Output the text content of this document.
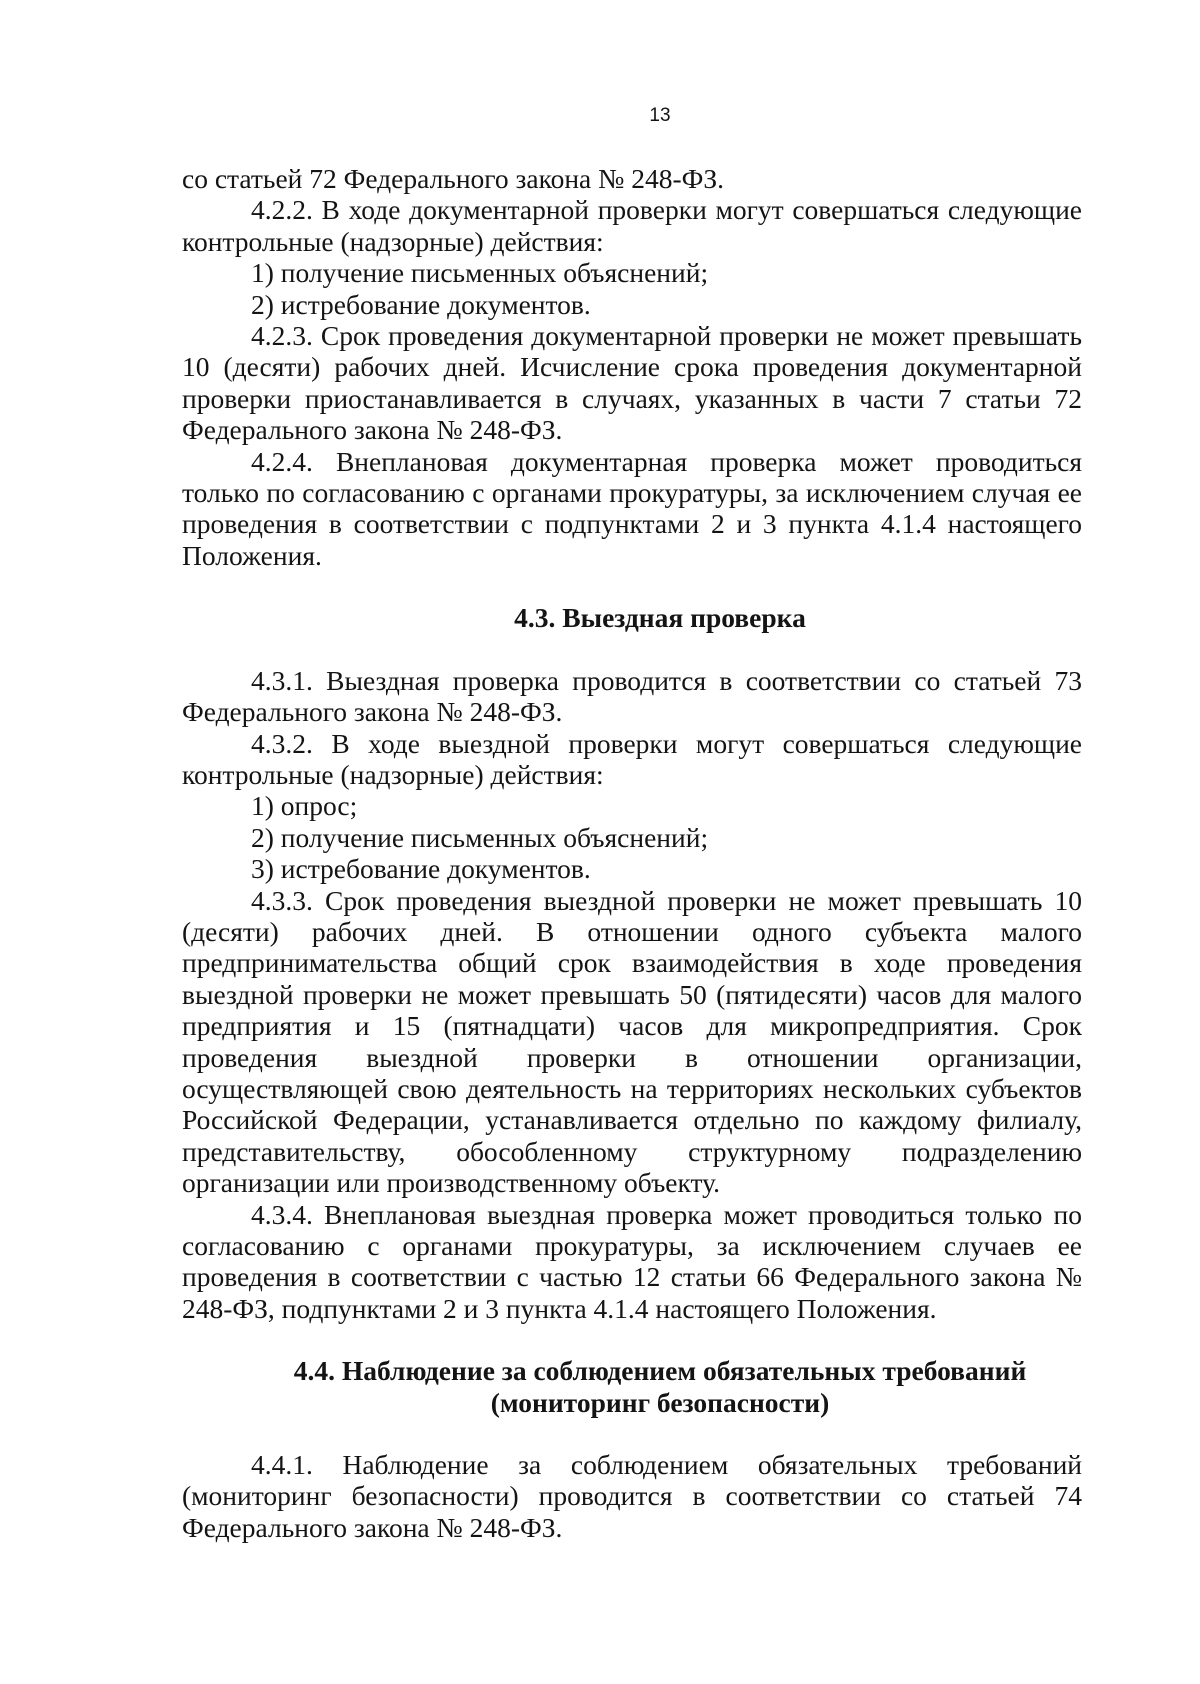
13

со статьей 72 Федерального закона № 248-ФЗ.

4.2.2. В ходе документарной проверки могут совершаться следующие контрольные (надзорные) действия:

1) получение письменных объяснений;

2) истребование документов.

4.2.3. Срок проведения документарной проверки не может превышать 10 (десяти) рабочих дней. Исчисление срока проведения документарной проверки приостанавливается в случаях, указанных в части 7 статьи 72 Федерального закона № 248-ФЗ.

4.2.4. Внеплановая документарная проверка может проводиться только по согласованию с органами прокуратуры, за исключением случая ее проведения в соответствии с подпунктами 2 и 3 пункта 4.1.4 настоящего Положения.

4.3. Выездная проверка

4.3.1. Выездная проверка проводится в соответствии со статьей 73 Федерального закона № 248-ФЗ.

4.3.2. В ходе выездной проверки могут совершаться следующие контрольные (надзорные) действия:

1) опрос;

2) получение письменных объяснений;

3) истребование документов.

4.3.3. Срок проведения выездной проверки не может превышать 10 (десяти) рабочих дней. В отношении одного субъекта малого предпринимательства общий срок взаимодействия в ходе проведения выездной проверки не может превышать 50 (пятидесяти) часов для малого предприятия и 15 (пятнадцати) часов для микропредприятия. Срок проведения выездной проверки в отношении организации, осуществляющей свою деятельность на территориях нескольких субъектов Российской Федерации, устанавливается отдельно по каждому филиалу, представительству, обособленному структурному подразделению организации или производственному объекту.

4.3.4. Внеплановая выездная проверка может проводиться только по согласованию с органами прокуратуры, за исключением случаев ее проведения в соответствии с частью 12 статьи 66 Федерального закона № 248-ФЗ, подпунктами 2 и 3 пункта 4.1.4 настоящего Положения.

4.4. Наблюдение за соблюдением обязательных требований
(мониторинг безопасности)

4.4.1. Наблюдение за соблюдением обязательных требований (мониторинг безопасности) проводится в соответствии со статьей 74 Федерального закона № 248-ФЗ.
